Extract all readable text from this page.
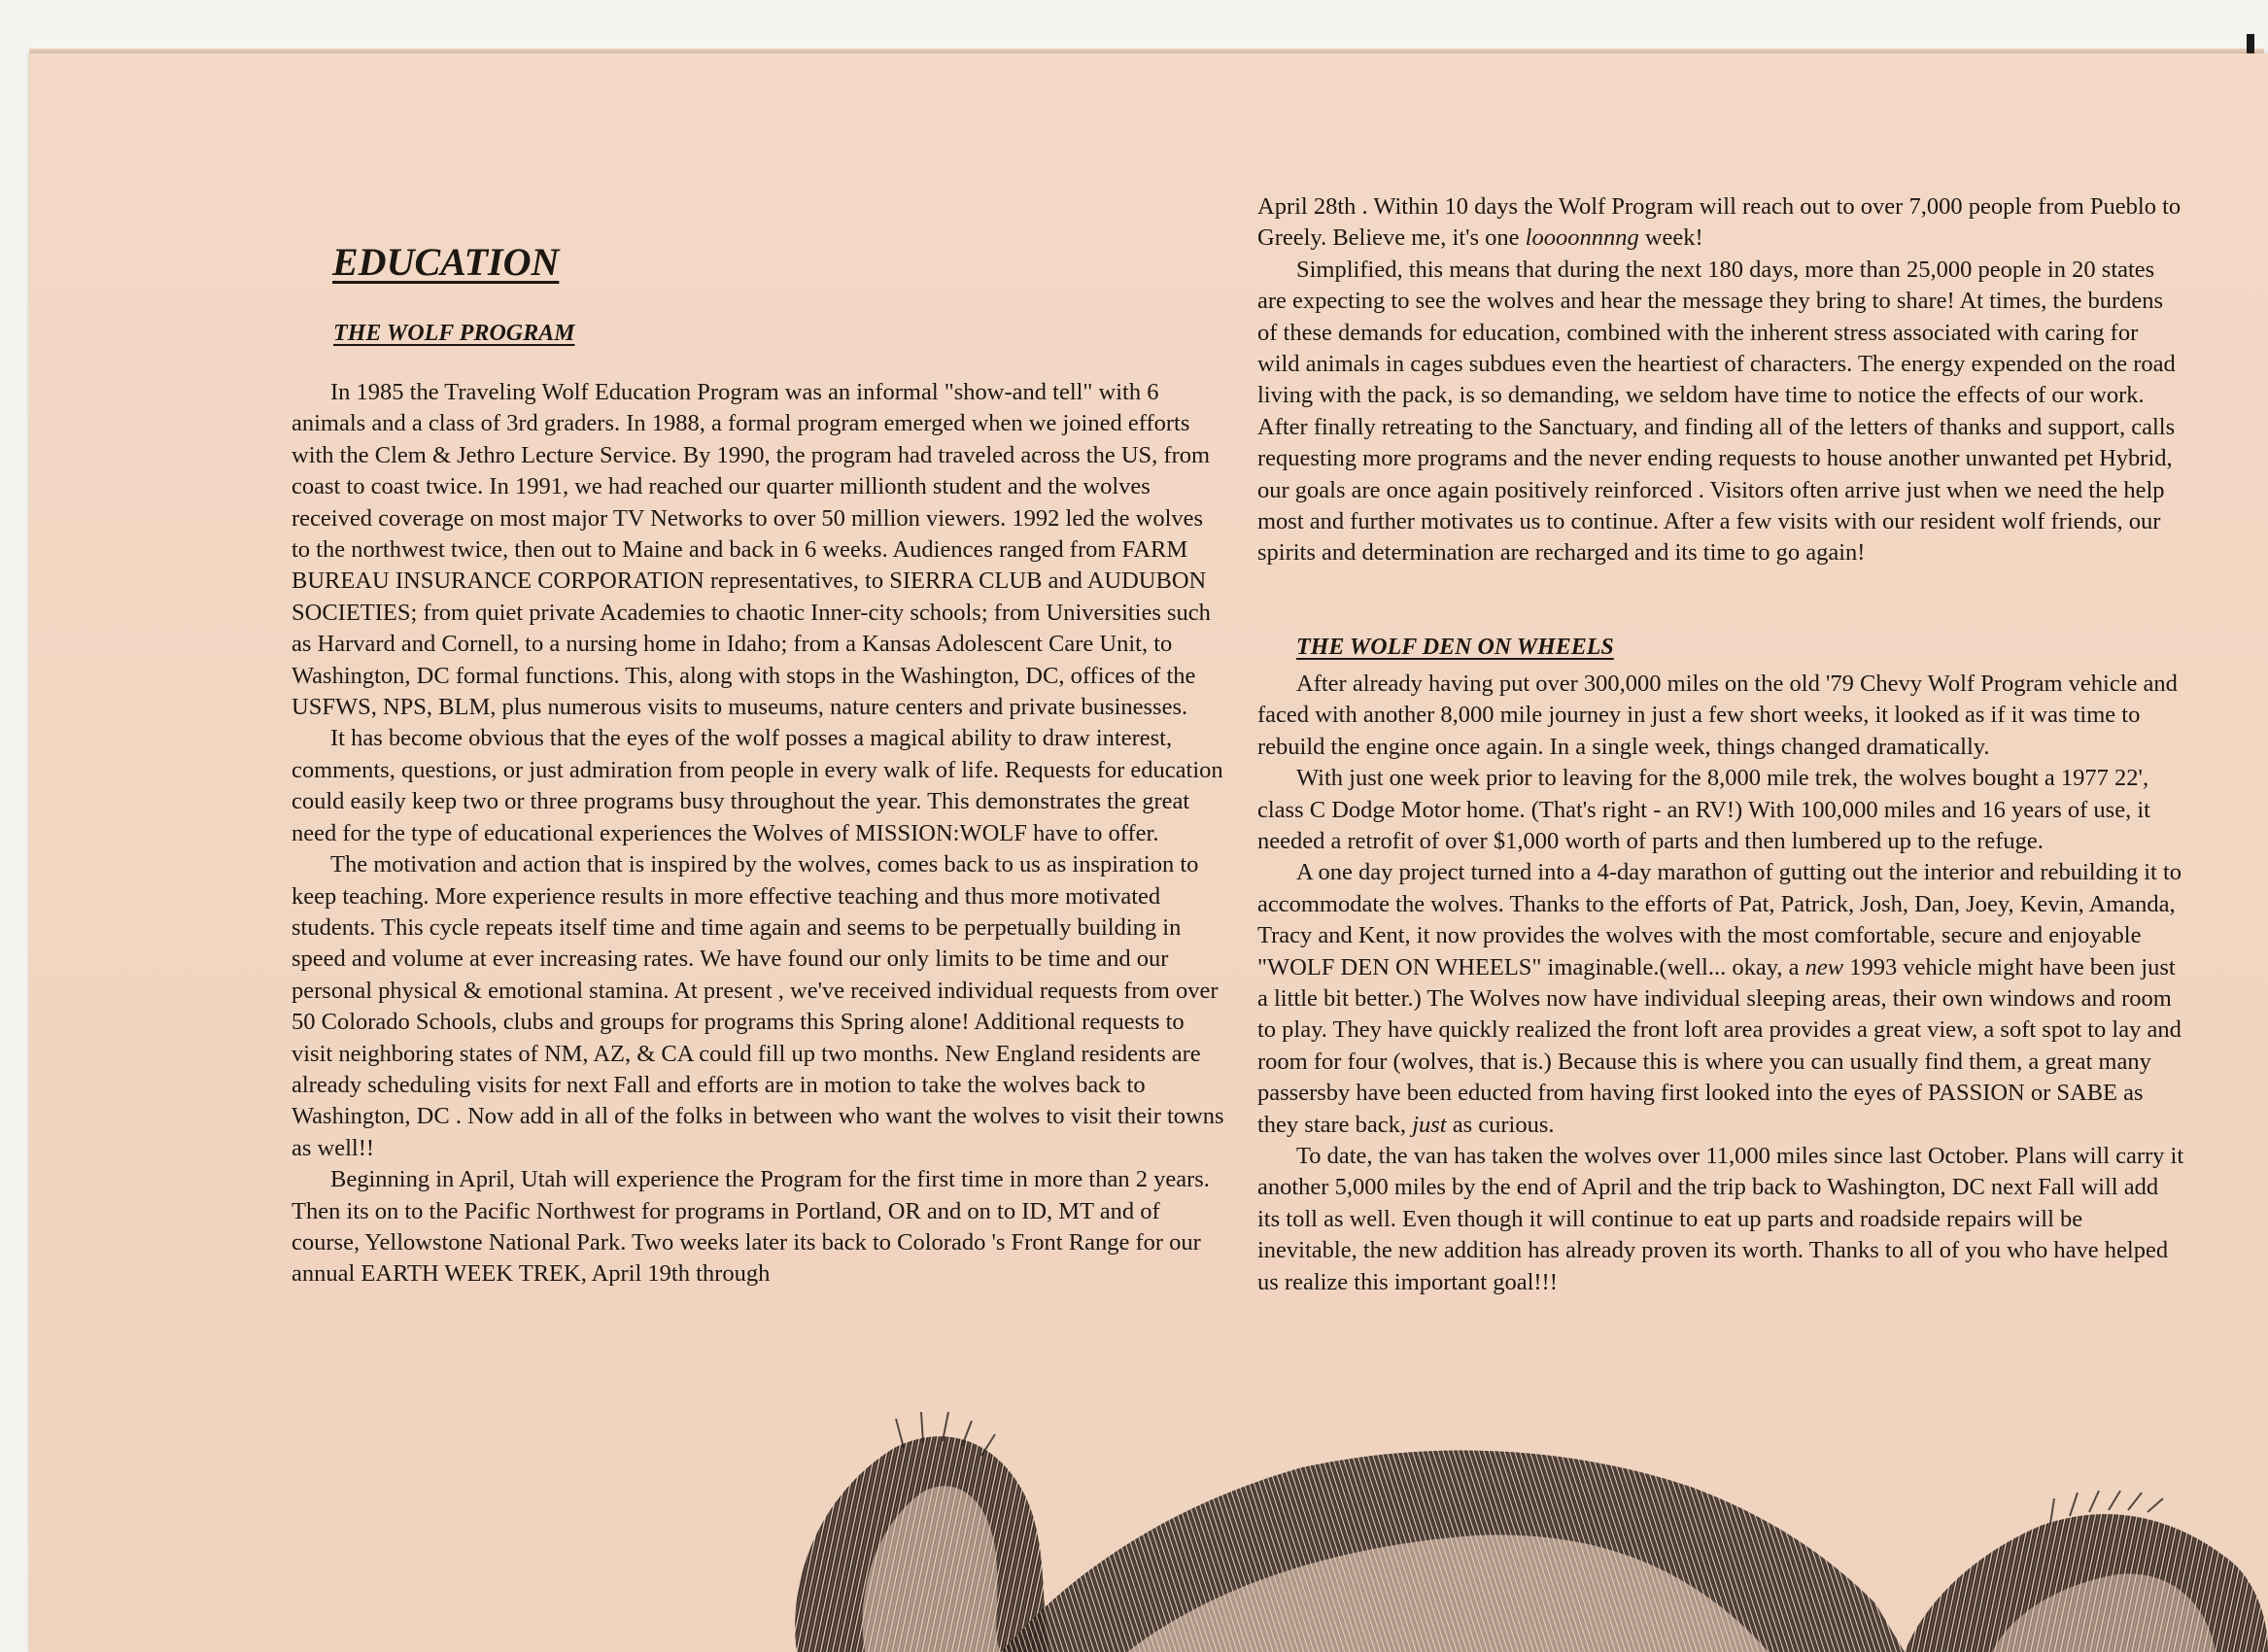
EDUCATION
THE WOLF PROGRAM

In 1985 the Traveling Wolf Education Program was an informal "show-and tell" with 6 animals and a class of 3rd graders. In 1988, a formal program emerged when we joined efforts with the Clem & Jethro Lecture Service. By 1990, the program had traveled across the US, from coast to coast twice. In 1991, we had reached our quarter millionth student and the wolves received coverage on most major TV Networks to over 50 million viewers. 1992 led the wolves to the northwest twice, then out to Maine and back in 6 weeks. Audiences ranged from FARM BUREAU INSURANCE CORPORATION representatives, to SIERRA CLUB and AUDUBON SOCIETIES; from quiet private Academies to chaotic Inner-city schools; from Universities such as Harvard and Cornell, to a nursing home in Idaho; from a Kansas Adolescent Care Unit, to Washington, DC formal functions. This, along with stops in the Washington, DC, offices of the USFWS, NPS, BLM, plus numerous visits to museums, nature centers and private businesses.

It has become obvious that the eyes of the wolf posses a magical ability to draw interest, comments, questions, or just admiration from people in every walk of life. Requests for education could easily keep two or three programs busy throughout the year. This demonstrates the great need for the type of educational experiences the Wolves of MISSION:WOLF have to offer.

The motivation and action that is inspired by the wolves, comes back to us as inspiration to keep teaching. More experience results in more effective teaching and thus more motivated students. This cycle repeats itself time and time again and seems to be perpetually building in speed and volume at ever increasing rates. We have found our only limits to be time and our personal physical & emotional stamina. At present , we've received individual requests from over 50 Colorado Schools, clubs and groups for programs this Spring alone! Additional requests to visit neighboring states of NM, AZ, & CA could fill up two months. New England residents are already scheduling visits for next Fall and efforts are in motion to take the wolves back to Washington, DC . Now add in all of the folks in between who want the wolves to visit their towns as well!!

Beginning in April, Utah will experience the Program for the first time in more than 2 years. Then its on to the Pacific Northwest for programs in Portland, OR and on to ID, MT and of course, Yellowstone National Park. Two weeks later its back to Colorado 's Front Range for our annual EARTH WEEK TREK, April 19th through

April 28th . Within 10 days the Wolf Program will reach out to over 7,000 people from Pueblo to Greely. Believe me, it's one loooonnnng week!

Simplified, this means that during the next 180 days, more than 25,000 people in 20 states are expecting to see the wolves and hear the message they bring to share! At times, the burdens of these demands for education, combined with the inherent stress associated with caring for wild animals in cages subdues even the heartiest of characters. The energy expended on the road living with the pack, is so demanding, we seldom have time to notice the effects of our work. After finally retreating to the Sanctuary, and finding all of the letters of thanks and support, calls requesting more programs and the never ending requests to house another unwanted pet Hybrid, our goals are once again positively reinforced . Visitors often arrive just when we need the help most and further motivates us to continue. After a few visits with our resident wolf friends, our spirits and determination are recharged and its time to go again!

After already having put over 300,000 miles on the old '79 Chevy Wolf Program vehicle and faced with another 8,000 mile journey in just a few short weeks, it looked as if it was time to rebuild the engine once again. In a single week, things changed dramatically.

With just one week prior to leaving for the 8,000 mile trek, the wolves bought a 1977 22', class C Dodge Motor home. (That's right - an RV!) With 100,000 miles and 16 years of use, it needed a retrofit of over $1,000 worth of parts and then lumbered up to the refuge.

A one day project turned into a 4-day marathon of gutting out the interior and rebuilding it to accommodate the wolves. Thanks to the efforts of Pat, Patrick, Josh, Dan, Joey, Kevin, Amanda, Tracy and Kent, it now provides the wolves with the most comfortable, secure and enjoyable "WOLF DEN ON WHEELS" imaginable.(well... okay, a new 1993 vehicle might have been just a little bit better.) The Wolves now have individual sleeping areas, their own windows and room to play. They have quickly realized the front loft area provides a great view, a soft spot to lay and room for four (wolves, that is.) Because this is where you can usually find them, a great many passersby have been educted from having first looked into the eyes of PASSION or SABE as they stare back, just as curious.

To date, the van has taken the wolves over 11,000 miles since last October. Plans will carry it another 5,000 miles by the end of April and the trip back to Washington, DC next Fall will add its toll as well. Even though it will continue to eat up parts and roadside repairs will be inevitable, the new addition has already proven its worth. Thanks to all of you who have helped us realize this important goal!!!

THE WOLF DEN ON WHEELS
